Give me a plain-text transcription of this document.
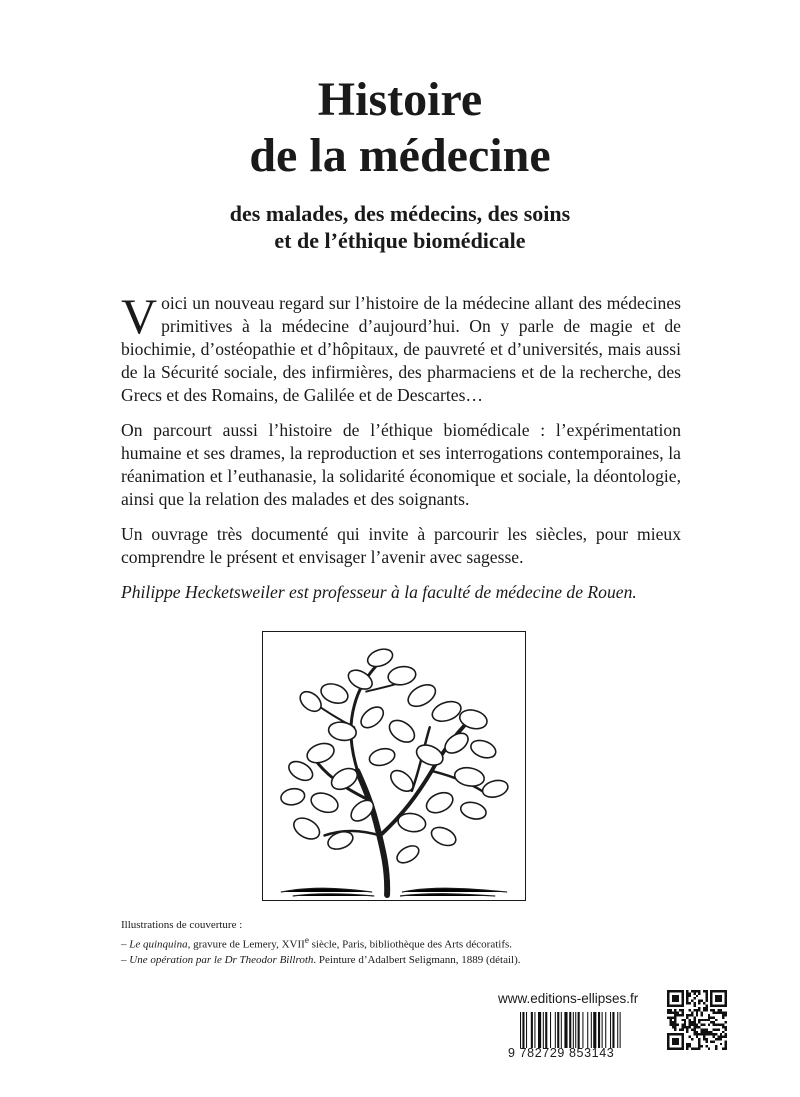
Histoire
de la médecine
des malades, des médecins, des soins
et de l’éthique biomédicale

Voici un nouveau regard sur l’histoire de la médecine allant des médecines primitives à la médecine d’aujourd’hui. On y parle de magie et de biochimie, d’ostéopathie et d’hôpitaux, de pauvreté et d’universités, mais aussi de la Sécurité sociale, des infirmières, des pharmaciens et de la recherche, des Grecs et des Romains, de Galilée et de Descartes…

On parcourt aussi l’histoire de l’éthique biomédicale : l’expérimentation humaine et ses drames, la reproduction et ses interrogations contemporaines, la réanimation et l’euthanasie, la solidarité économique et sociale, la déontologie, ainsi que la relation des malades et des soignants.

Un ouvrage très documenté qui invite à parcourir les siècles, pour mieux comprendre le présent et envisager l’avenir avec sagesse.

Philippe Hecketsweiler est professeur à la faculté de médecine de Rouen.

Illustrations de couverture :
– Le quinquina, gravure de Lemery, XVIIe siècle, Paris, bibliothèque des Arts décoratifs.
– Une opération par le Dr Theodor Billroth. Peinture d’Adalbert Seligmann, 1889 (détail).
www.editions-ellipses.fr
9 782729 853143
